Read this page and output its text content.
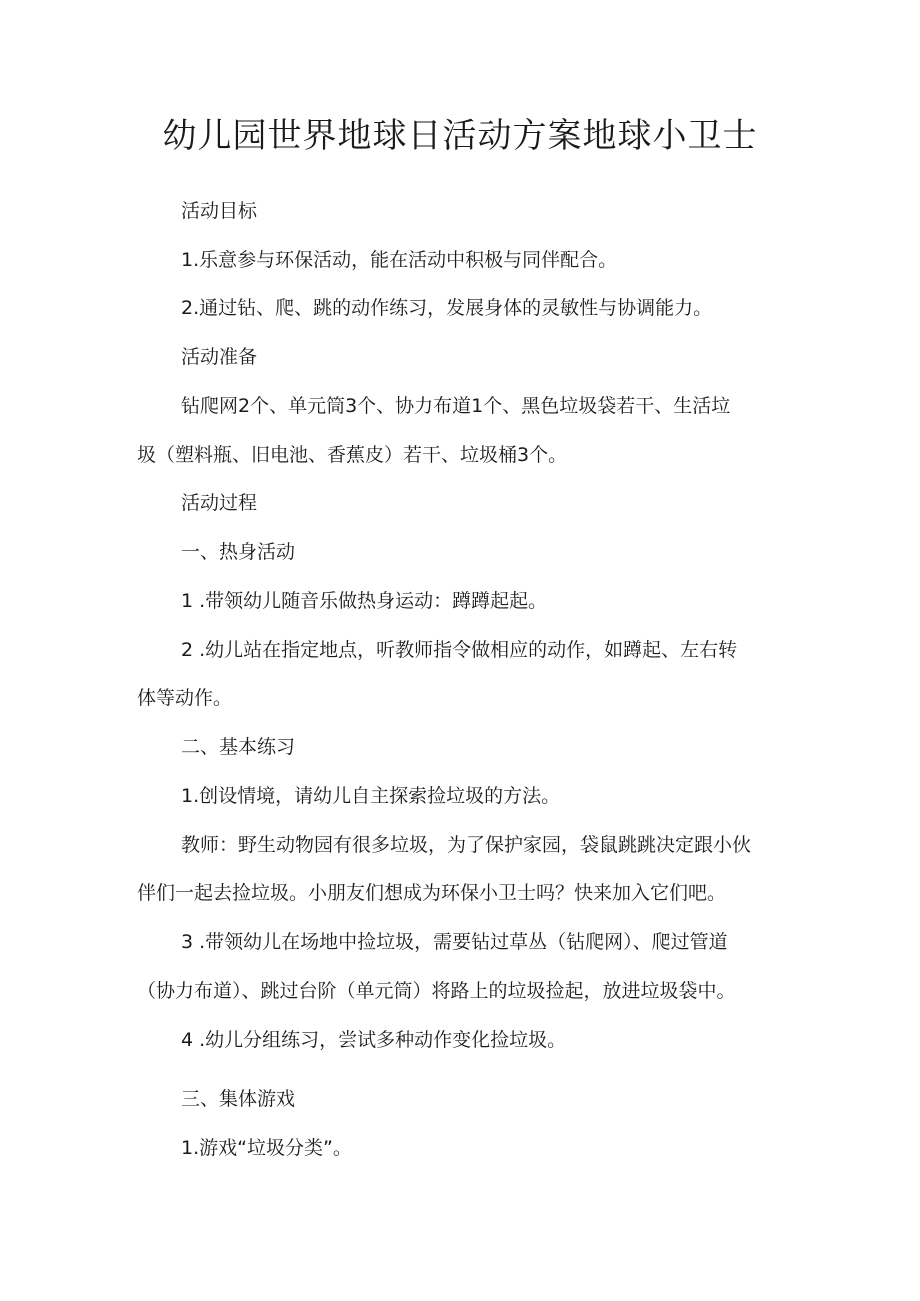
幼儿园世界地球日活动方案地球小卫士

活动目标

1.乐意参与环保活动，能在活动中积极与同伴配合。

2.通过钻、爬、跳的动作练习，发展身体的灵敏性与协调能力。

活动准备

钻爬网2个、单元筒3个、协力布道1个、黑色垃圾袋若干、生活垃

圾（塑料瓶、旧电池、香蕉皮）若干、垃圾桶3个。

活动过程

一、热身活动

1 .带领幼儿随音乐做热身运动：蹲蹲起起。

2 .幼儿站在指定地点，听教师指令做相应的动作，如蹲起、左右转

体等动作。

二、基本练习

1.创设情境，请幼儿自主探索捡垃圾的方法。

教师：野生动物园有很多垃圾，为了保护家园，袋鼠跳跳决定跟小伙

伴们一起去捡垃圾。小朋友们想成为环保小卫士吗？快来加入它们吧。

3 .带领幼儿在场地中捡垃圾，需要钻过草丛（钻爬网）、爬过管道

（协力布道）、跳过台阶（单元筒）将路上的垃圾捡起，放进垃圾袋中。

4 .幼儿分组练习，尝试多种动作变化捡垃圾。

三、集体游戏

1.游戏“垃圾分类”。
